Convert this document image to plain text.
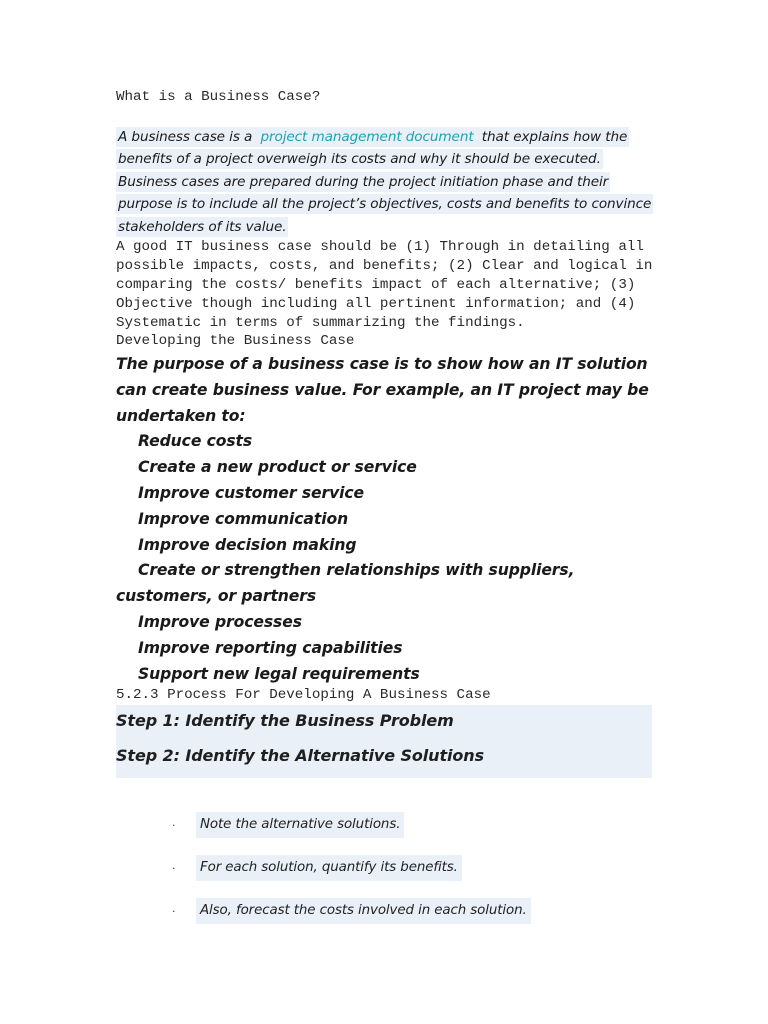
What is a Business Case?
A business case is a project management document that explains how the benefits of a project overweigh its costs and why it should be executed. Business cases are prepared during the project initiation phase and their purpose is to include all the project’s objectives, costs and benefits to convince stakeholders of its value.
A good IT business case should be (1) Through in detailing all possible impacts, costs, and benefits; (2) Clear and logical in comparing the costs/ benefits impact of each alternative; (3) Objective though including all pertinent information; and (4) Systematic in terms of summarizing the findings.
Developing the Business Case
The purpose of a business case is to show how an IT solution can create business value. For example, an IT project may be undertaken to:
Reduce costs
Create a new product or service
Improve customer service
Improve communication
Improve decision making
Create or strengthen relationships with suppliers, customers, or partners
Improve processes
Improve reporting capabilities
Support new legal requirements
5.2.3 Process For Developing A Business Case
Step 1: Identify the Business Problem
Step 2: Identify the Alternative Solutions
. Note the alternative solutions.
. For each solution, quantify its benefits.
. Also, forecast the costs involved in each solution.
